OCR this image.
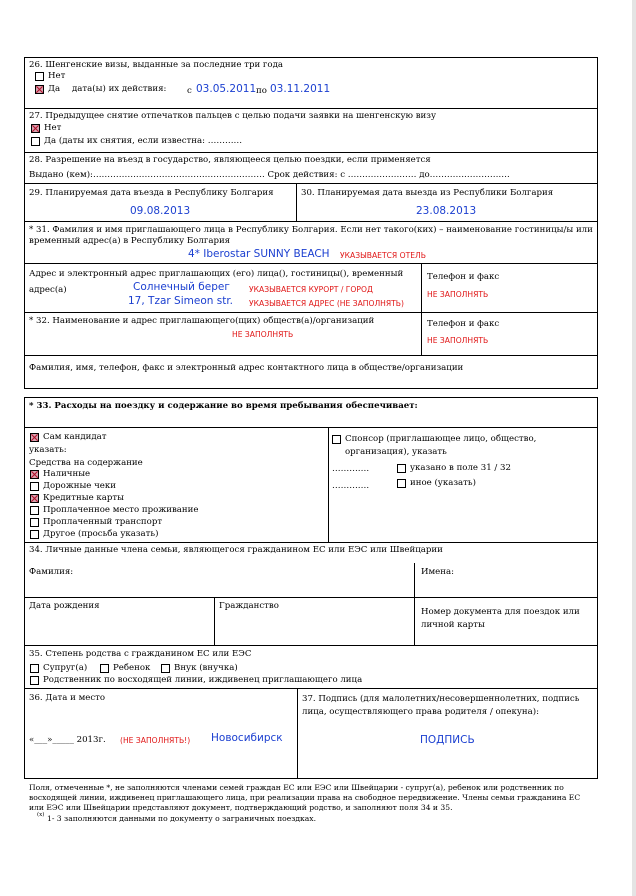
26. Шенгенские визы, выданные за последние три года
Нет
Да дата(ы) их действия: с 03.05.2011 по 03.11.2011
27. Предыдущее снятие отпечатков пальцев с целью подачи заявки на шенгенскую визу
Нет
Да (даты их снятия, если известна: …………
28. Разрешение на въезд в государство, являющееся целью поездки, если применяется
Выдано (кем):…………………………………………………… Срок действия: с …………………… до……………………….
29. Планируемая дата въезда в Республику Болгария
09.08.2013
30. Планируемая дата выезда из Республики Болгария
23.08.2013
* 31. Фамилия и имя приглашающего лица в Республику Болгария. Если нет такого(ких) – наименование гостиницы/ы или
временный адрес(а) в Республику Болгария
4* Iberostar SUNNY BEACH УКАЗЫВАЕТСЯ ОТЕЛЬ
Адрес и электронный адрес приглашающих (его) лица(), гостиницы(), временный
адрес(а)	Солнечный берег	УКАЗЫВАЕТСЯ КУРОРТ / ГОРОД
17, Tzar Simeon str. УКАЗЫВАЕТСЯ АДРЕС (НЕ ЗАПОЛНЯТЬ)
Телефон и факс
НЕ ЗАПОЛНЯТЬ
* 32. Наименование и адрес приглашающего(щих) обществ(а)/организаций
НЕ ЗАПОЛНЯТЬ
Телефон и факс
НЕ ЗАПОЛНЯТЬ
Фамилия, имя, телефон, факс и электронный адрес контактного лица в обществе/организации
* 33. Расходы на поездку и содержание во время пребывания обеспечивает:
Сам кандидат
указать:
Средства на содержание
Наличные
Дорожные чеки
Кредитные карты
Проплаченное место проживание
Проплаченный транспорт
Другое (просьба указать)
Спонсор (приглашающее лицо, общество,
организация), указать
………….	указано в поле 31 / 32
………….	иное (указать)
34. Личные данные члена семьи, являющегося гражданином ЕС или ЕЭС или Швейцарии
Фамилия:	Имена:
Дата рождения	Гражданство
Номер документа для поездок или
личной карты
35. Степень родства с гражданином ЕС или ЕЭС
Супруг(а)	Ребенок	Внук (внучка)
Родственник по восходящей линии, иждивенец приглашающего лица
36. Дата и место
«___»_____ 2013г. (НЕ ЗАПОЛНЯТЬ!) Новосибирск
37. Подпись (для малолетних/несовершеннолетних, подпись
лица, осуществляющего права родителя / опекуна):
ПОДПИСЬ
Поля, отмеченные *, не заполняются членами семей граждан ЕС или ЕЭС или Швейцарии - супруг(а), ребенок или родственник по
восходящей линии, иждивенец приглашающего лица, при реализации права на свободное передвижение. Члены семьи гражданина ЕС
или ЕЭС или Швейцарии представляют документ, подтверждающий родство, и заполняют поля 34 и 35.
(x) 1- 3 заполняются данными по документу о заграничных поездках.
